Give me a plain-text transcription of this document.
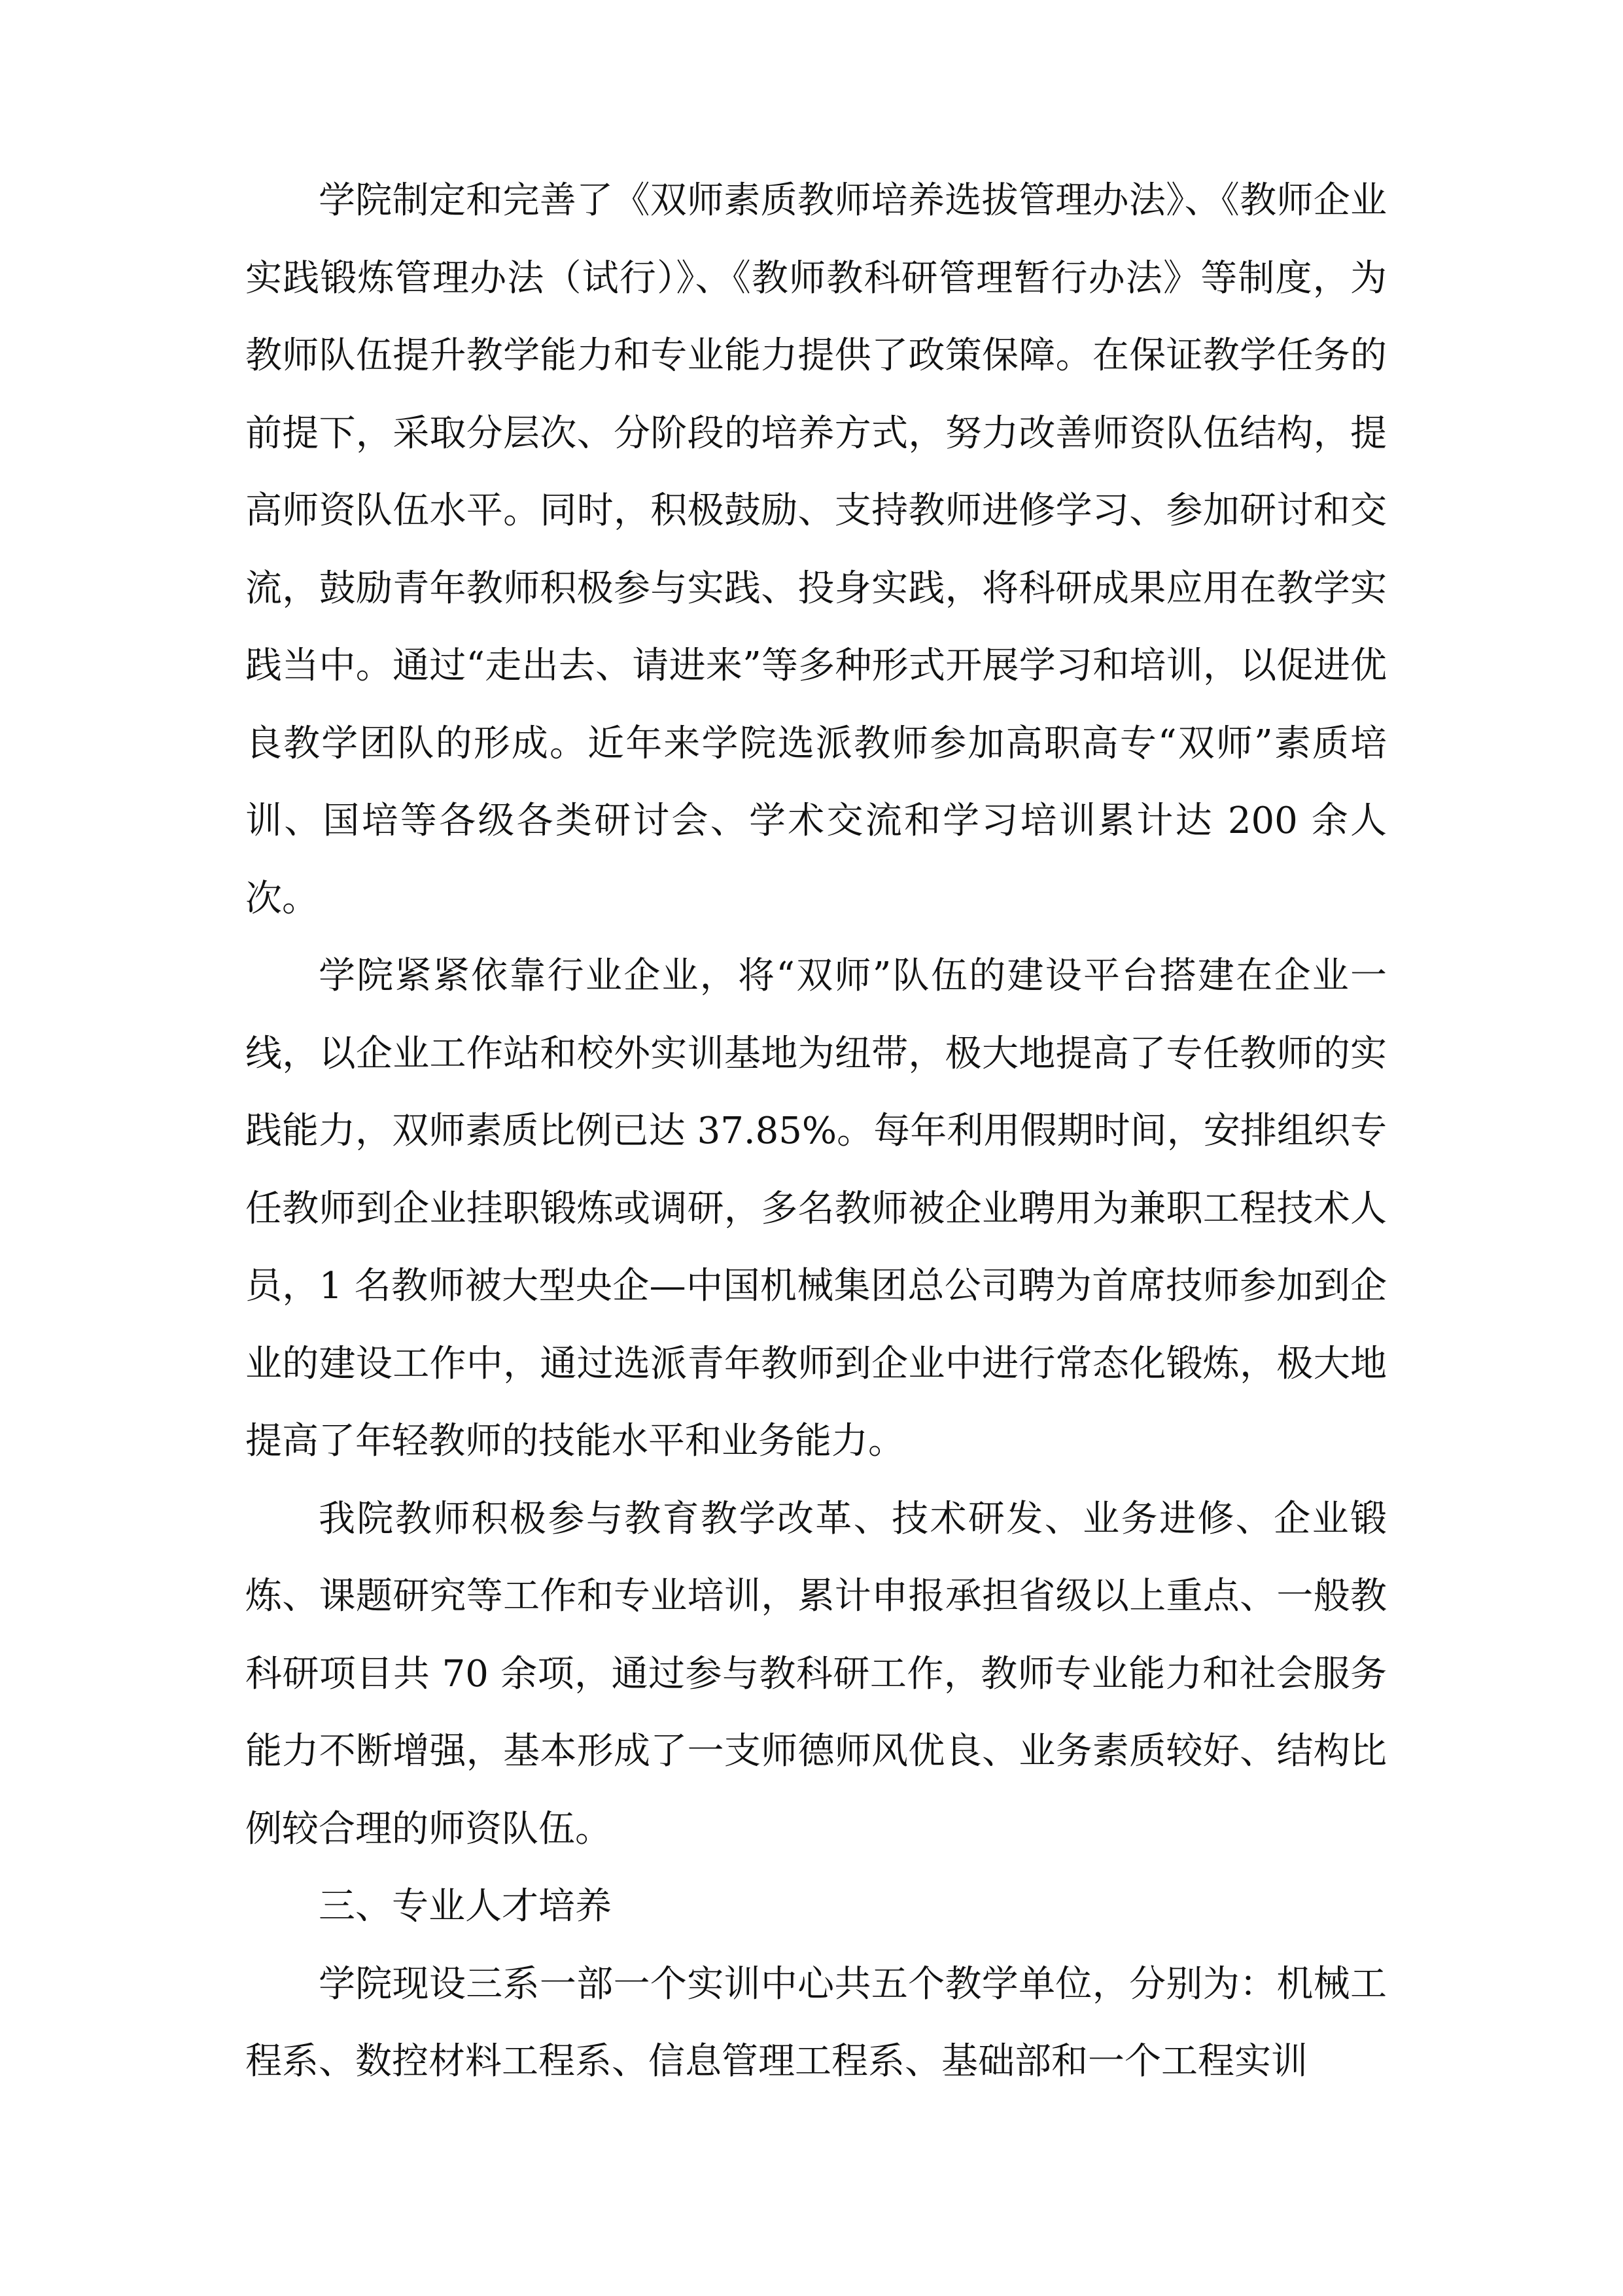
学院制定和完善了《双师素质教师培养选拔管理办法》、《教师企业实践锻炼管理办法（试行）》、《教师教科研管理暂行办法》等制度，为教师队伍提升教学能力和专业能力提供了政策保障。在保证教学任务的前提下，采取分层次、分阶段的培养方式，努力改善师资队伍结构，提高师资队伍水平。同时，积极鼓励、支持教师进修学习、参加研讨和交流，鼓励青年教师积极参与实践、投身实践，将科研成果应用在教学实践当中。通过“走出去、请进来”等多种形式开展学习和培训，以促进优良教学团队的形成。近年来学院选派教师参加高职高专“双师”素质培训、国培等各级各类研讨会、学术交流和学习培训累计达 200 余人次。

学院紧紧依靠行业企业，将“双师”队伍的建设平台搭建在企业一线，以企业工作站和校外实训基地为纽带，极大地提高了专任教师的实践能力，双师素质比例已达 37.85%。每年利用假期时间，安排组织专任教师到企业挂职锻炼或调研，多名教师被企业聘用为兼职工程技术人员，1 名教师被大型央企—中国机械集团总公司聘为首席技师参加到企业的建设工作中，通过选派青年教师到企业中进行常态化锻炼，极大地提高了年轻教师的技能水平和业务能力。

我院教师积极参与教育教学改革、技术研发、业务进修、企业锻炼、课题研究等工作和专业培训，累计申报承担省级以上重点、一般教科研项目共 70 余项，通过参与教科研工作，教师专业能力和社会服务能力不断增强，基本形成了一支师德师风优良、业务素质较好、结构比例较合理的师资队伍。

三、专业人才培养

学院现设三系一部一个实训中心共五个教学单位，分别为：机械工程系、数控材料工程系、信息管理工程系、基础部和一个工程实训
